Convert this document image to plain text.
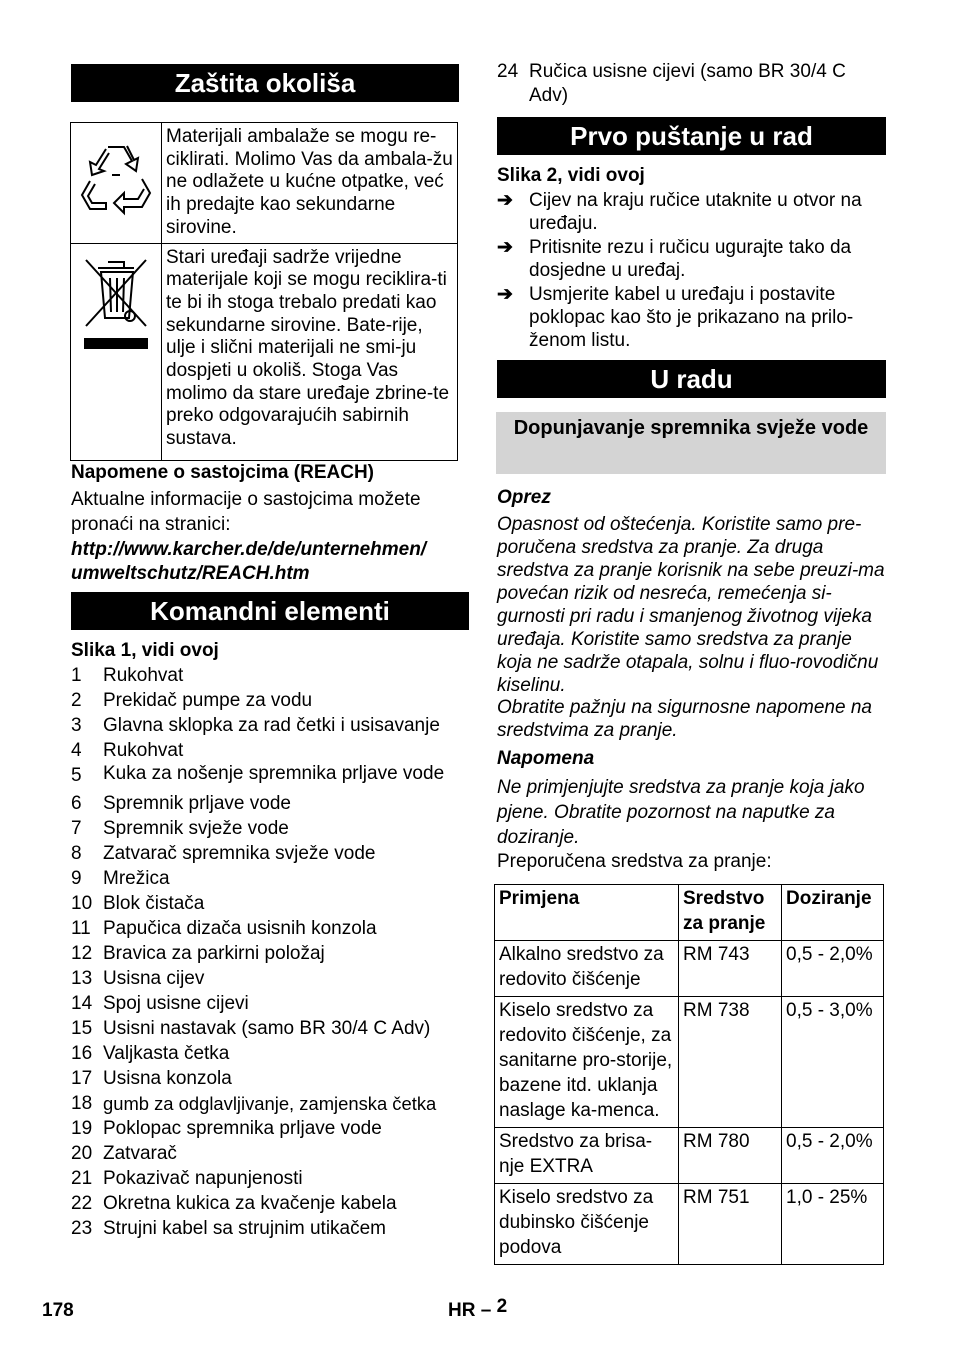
Zaštita okoliša
	Materijali ambalaže se mogu re-ciklirati. Molimo Vas da ambala-žu ne odlažete u kućne otpatke, već ih predajte kao sekundarne sirovine.
	Stari uređaji sadrže vrijedne materijale koji se mogu reciklira-ti te bi ih stoga trebalo predati kao sekundarne sirovine. Bate-rije, ulje i slični materijali ne smi-ju dospjeti u okoliš. Stoga Vas molimo da stare uređaje zbrine-te preko odgovarajućih sabirnih sustava.
Napomene o sastojcima (REACH)
Aktualne informacije o sastojcima možete pronaći na stranici:
http://www.karcher.de/de/unternehmen/
umweltschutz/REACH.htm
Komandni elementi
Slika 1, vidi ovoj
1	Rukohvat
2	Prekidač pumpe za vodu
3	Glavna sklopka za rad četki i usisavanje
4	Rukohvat
5	Kuka za nošenje spremnika prljave vode
6	Spremnik prljave vode
7	Spremnik svježe vode
8	Zatvarač spremnika svježe vode
9	Mrežica
10 Blok čistača
11 Papučica dizača usisnih konzola
12 Bravica za parkirni položaj
13 Usisna cijev
14 Spoj usisne cijevi
15 Usisni nastavak (samo BR 30/4 C Adv)
16 Valjkasta četka
17 Usisna konzola
18 gumb za odglavljivanje, zamjenska četka
19 Poklopac spremnika prljave vode
20 Zatvarač
21 Pokazivač napunjenosti
22 Okretna kukica za kvačenje kabela
23 Strujni kabel sa strujnim utikačem
24 Ručica usisne cijevi (samo BR 30/4 C Adv)
Prvo puštanje u rad
Slika 2, vidi ovoj
➔ Cijev na kraju ručice utaknite u otvor na uređaju.
➔ Pritisnite rezu i ručicu ugurajte tako da dosjedne u uređaj.
➔ Usmjerite kabel u uređaju i postavite poklopac kao što je prikazano na prilo-ženom listu.
U radu
Dopunjavanje spremnika svježe vode
Oprez
Opasnost od oštećenja. Koristite samo pre-poručena sredstva za pranje. Za druga sredstva za pranje korisnik na sebe preuzi-ma povećan rizik od nesreća, remećenja si-gurnosti pri radu i smanjenog životnog vijeka uređaja. Koristite samo sredstva za pranje koja ne sadrže otapala, solnu i fluo-rovodičnu kiselinu.
Obratite pažnju na sigurnosne napomene na sredstvima za pranje.
Napomena
Ne primjenjujte sredstva za pranje koja jako pjene. Obratite pozornost na naputke za doziranje.
Preporučena sredstva za pranje:
Primjena	Sredstvo za pranje	Doziranje
Alkalno sredstvo za redovito čišćenje	RM 743	0,5 - 2,0%
Kiselo sredstvo za redovito čišćenje, za sanitarne pro-storije, bazene itd. uklanja naslage ka-menca.	RM 738	0,5 - 3,0%
Sredstvo za brisa-nje EXTRA	RM 780	0,5 - 2,0%
Kiselo sredstvo za dubinsko čišćenje podova	RM 751	1,0 - 25%
178	HR – 2
